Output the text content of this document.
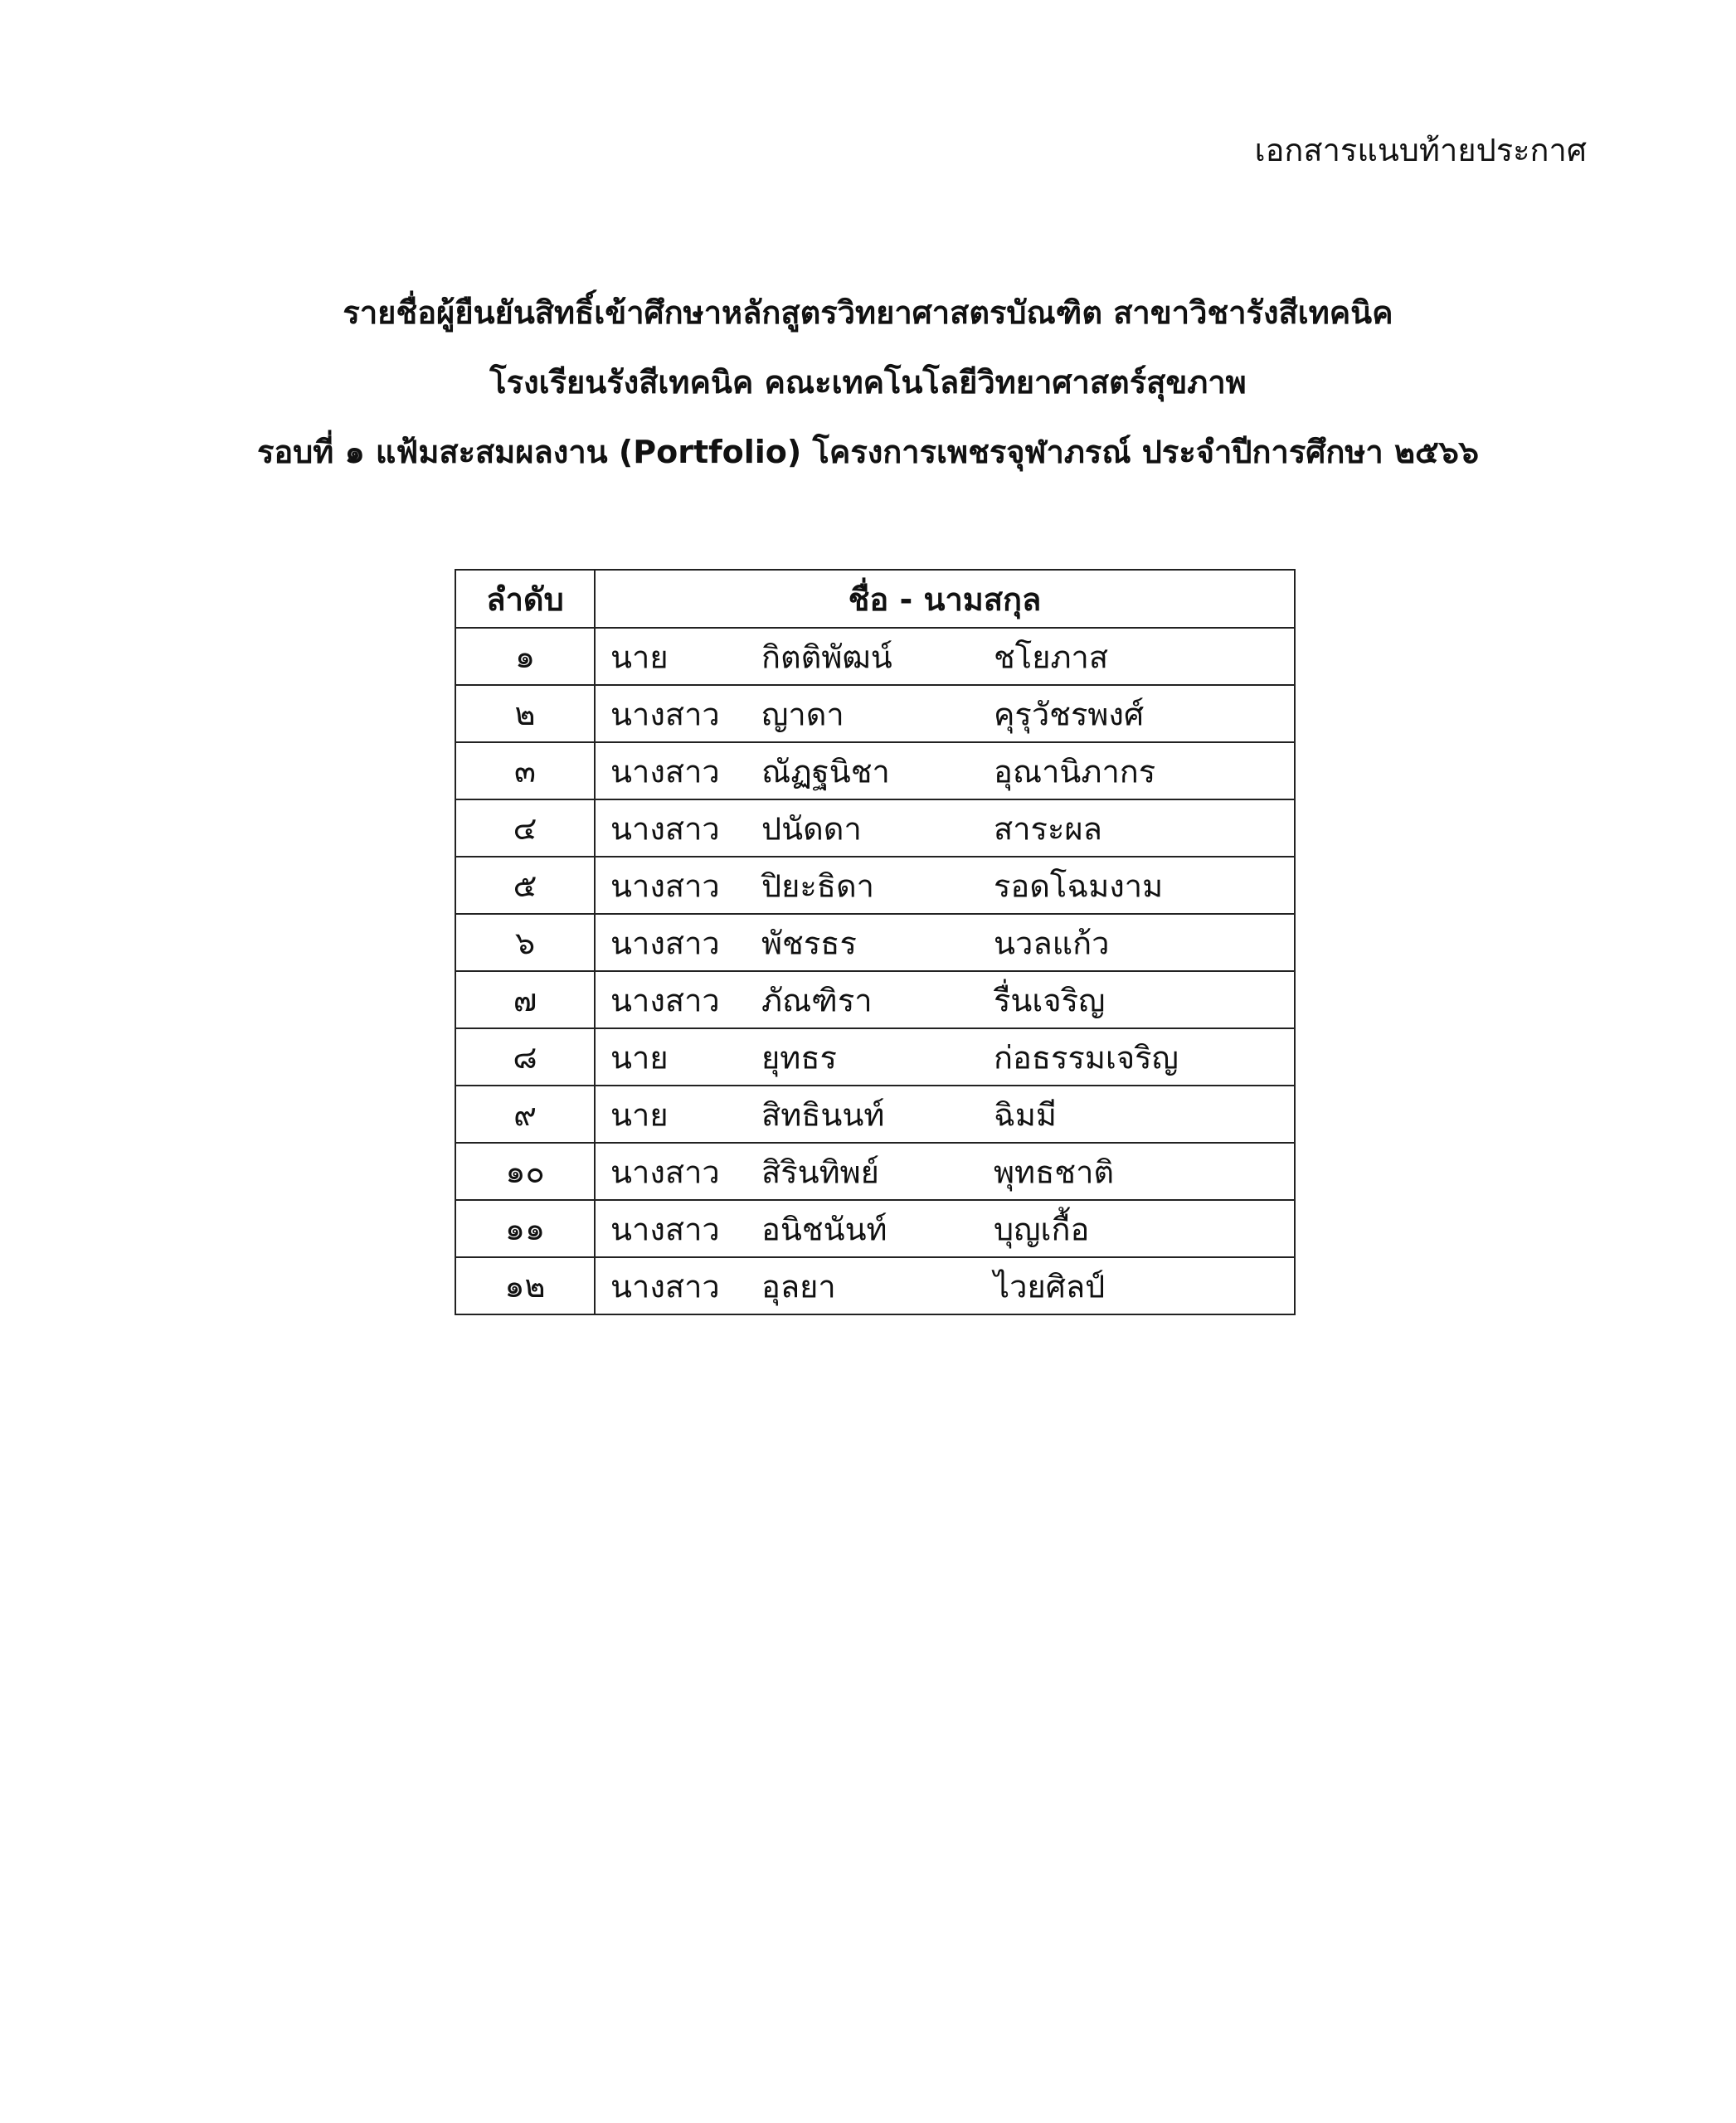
เอกสารแนบท้ายประกาศ
รายชื่อผู้ยืนยันสิทธิ์เข้าศึกษาหลักสูตรวิทยาศาสตรบัณฑิต สาขาวิชารังสีเทคนิค
โรงเรียนรังสีเทคนิค คณะเทคโนโลยีวิทยาศาสตร์สุขภาพ
รอบที่ ๑ แฟ้มสะสมผลงาน (Portfolio) โครงการเพชรจุฬาภรณ์ ประจำปีการศึกษา ๒๕๖๖
ลำดับ	ชื่อ - นามสกุล
๑	นาย กิตติพัฒน์ ชโยภาส

๒	นางสาว ญาดา คุรุวัชรพงศ์

๓	นางสาว ณัฏฐนิชา อุณานิภากร

๔	นางสาว ปนัดดา สาระผล

๕	นางสาว ปิยะธิดา รอดโฉมงาม

๖	นางสาว พัชรธร นวลแก้ว

๗	นางสาว ภัณฑิรา รื่นเจริญ

๘	นาย ยุทธร ก่อธรรมเจริญ

๙	นาย สิทธินนท์ ฉิมมี

๑๐	นางสาว สิรินทิพย์ พุทธชาติ

๑๑	นางสาว อนิชนันท์ บุญเกื้อ

๑๒	นางสาว อุลยา ไวยศิลป์
